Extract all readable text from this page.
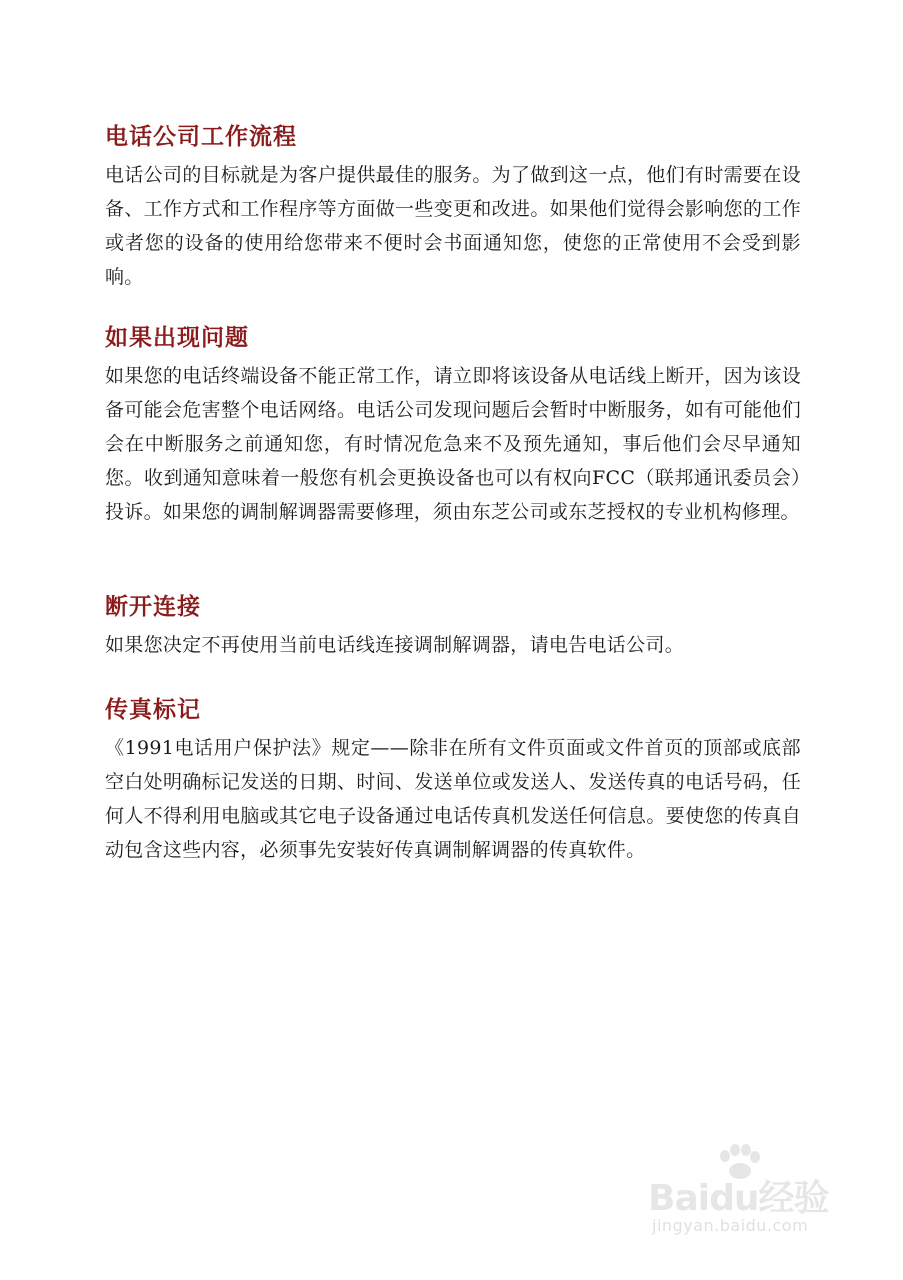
电话公司工作流程

电话公司的目标就是为客户提供最佳的服务。为了做到这一点，他们有时需要在设备、工作方式和工作程序等方面做一些变更和改进。如果他们觉得会影响您的工作或者您的设备的使用给您带来不便时会书面通知您，使您的正常使用不会受到影响。

如果出现问题

如果您的电话终端设备不能正常工作，请立即将该设备从电话线上断开，因为该设备可能会危害整个电话网络。电话公司发现问题后会暂时中断服务，如有可能他们会在中断服务之前通知您，有时情况危急来不及预先通知，事后他们会尽早通知您。收到通知意味着一般您有机会更换设备也可以有权向FCC（联邦通讯委员会）投诉。如果您的调制解调器需要修理，须由东芝公司或东芝授权的专业机构修理。

断开连接

如果您决定不再使用当前电话线连接调制解调器，请电告电话公司。

传真标记

《1991电话用户保护法》规定——除非在所有文件页面或文件首页的顶部或底部空白处明确标记发送的日期、时间、发送单位或发送人、发送传真的电话号码，任何人不得利用电脑或其它电子设备通过电话传真机发送任何信息。要使您的传真自动包含这些内容，必须事先安装好传真调制解调器的传真软件。

Baidu经验
jingyan.baidu.com
